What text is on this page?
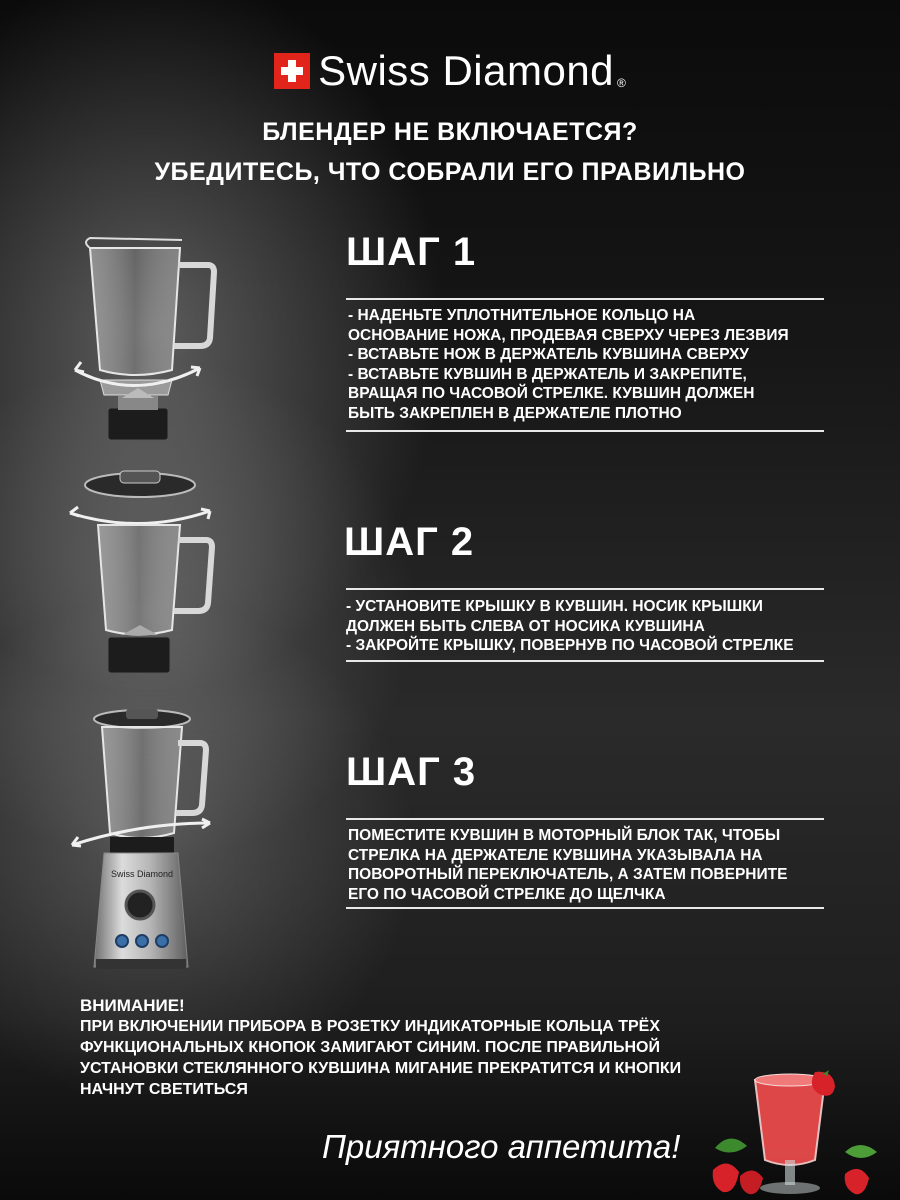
Swiss Diamond ®
БЛЕНДЕР НЕ ВКЛЮЧАЕТСЯ?
УБЕДИТЕСЬ, ЧТО СОБРАЛИ ЕГО ПРАВИЛЬНО
ШАГ 1
- НАДЕНЬТЕ УПЛОТНИТЕЛЬНОЕ КОЛЬЦО НА
ОСНОВАНИЕ НОЖА, ПРОДЕВАЯ СВЕРХУ ЧЕРЕЗ ЛЕЗВИЯ
- ВСТАВЬТЕ НОЖ В ДЕРЖАТЕЛЬ КУВШИНА СВЕРХУ
- ВСТАВЬТЕ КУВШИН В ДЕРЖАТЕЛЬ И ЗАКРЕПИТЕ,
ВРАЩАЯ ПО ЧАСОВОЙ СТРЕЛКЕ. КУВШИН ДОЛЖЕН
БЫТЬ ЗАКРЕПЛЕН В ДЕРЖАТЕЛЕ ПЛОТНО
ШАГ 2
- УСТАНОВИТЕ КРЫШКУ В КУВШИН. НОСИК КРЫШКИ
ДОЛЖЕН БЫТЬ СЛЕВА ОТ НОСИКА КУВШИНА
- ЗАКРОЙТЕ КРЫШКУ, ПОВЕРНУВ ПО ЧАСОВОЙ СТРЕЛКЕ
Swiss Diamond
ШАГ 3
ПОМЕСТИТЕ КУВШИН В МОТОРНЫЙ БЛОК ТАК, ЧТОБЫ
СТРЕЛКА НА ДЕРЖАТЕЛЕ КУВШИНА УКАЗЫВАЛА НА
ПОВОРОТНЫЙ ПЕРЕКЛЮЧАТЕЛЬ, А ЗАТЕМ ПОВЕРНИТЕ
ЕГО ПО ЧАСОВОЙ СТРЕЛКЕ ДО ЩЕЛЧКА
ВНИМАНИЕ!
ПРИ ВКЛЮЧЕНИИ ПРИБОРА В РОЗЕТКУ ИНДИКАТОРНЫЕ КОЛЬЦА ТРЁХ
ФУНКЦИОНАЛЬНЫХ КНОПОК ЗАМИГАЮТ СИНИМ. ПОСЛЕ ПРАВИЛЬНОЙ
УСТАНОВКИ СТЕКЛЯННОГО КУВШИНА МИГАНИЕ ПРЕКРАТИТСЯ И КНОПКИ
НАЧНУТ СВЕТИТЬСЯ
Приятного аппетита!
